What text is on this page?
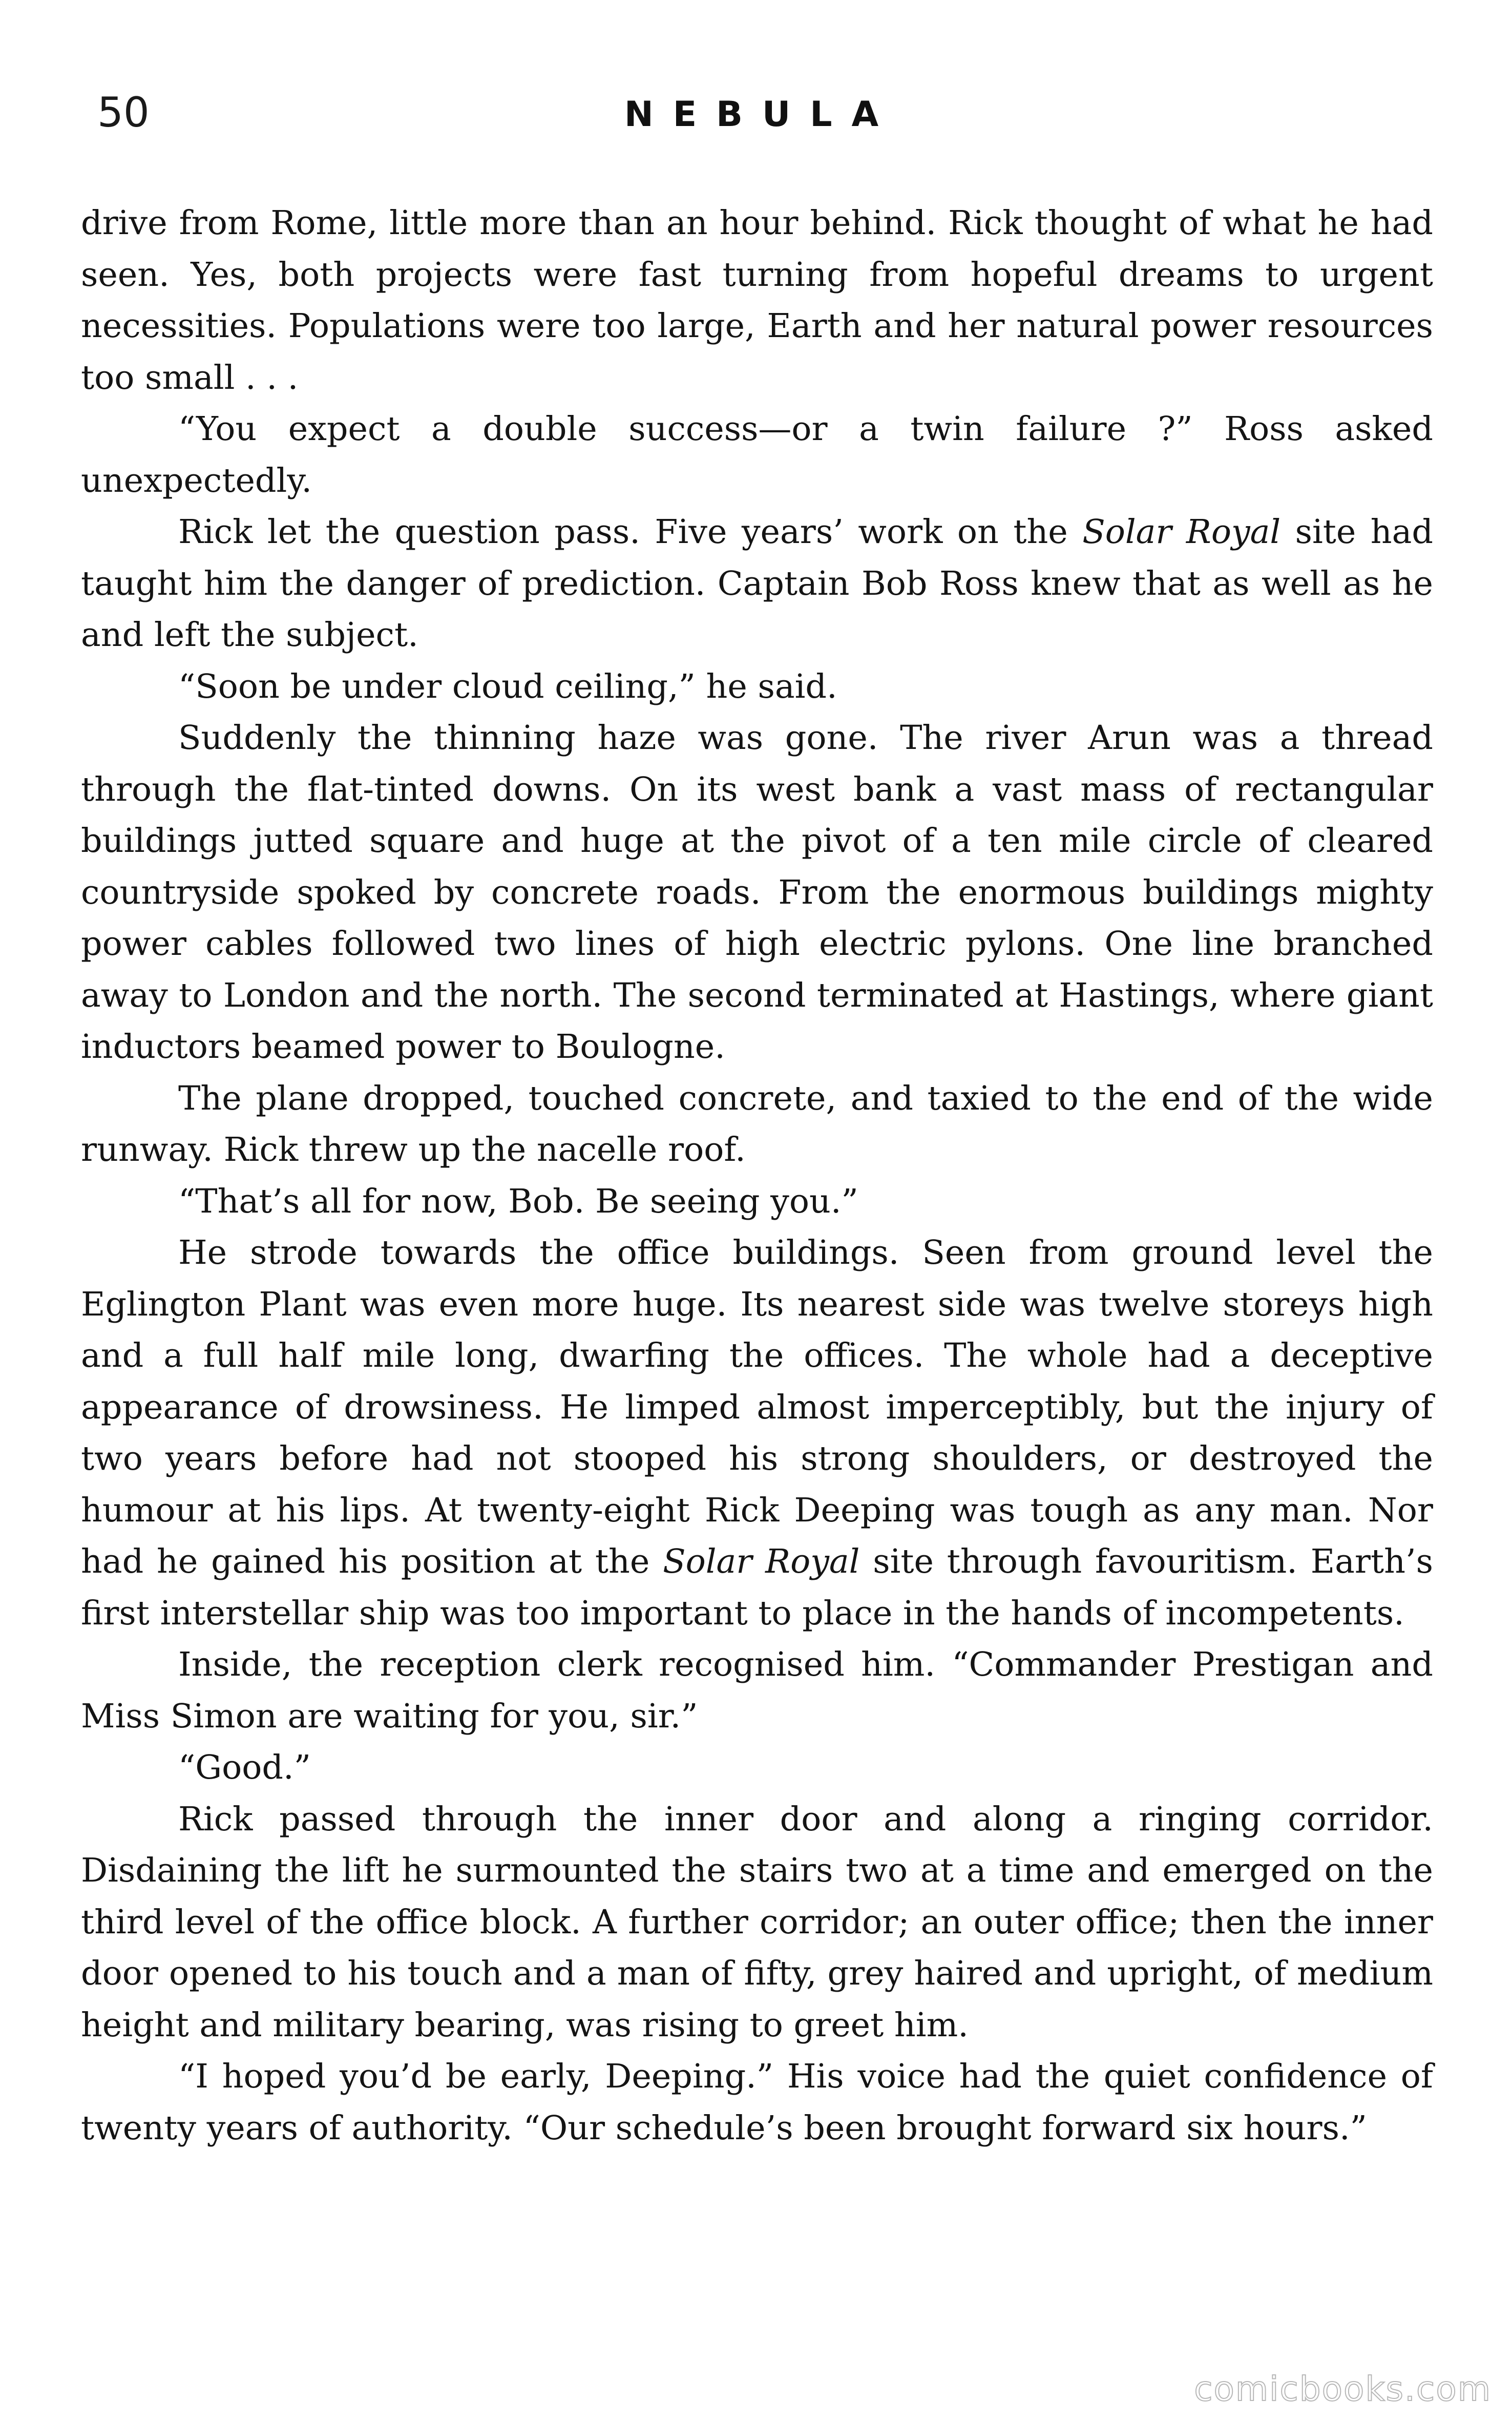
50	NEBULA

drive from Rome, little more than an hour behind. Rick thought of what he had seen. Yes, both projects were fast turning from hopeful dreams to urgent necessities. Populations were too large, Earth and her natural power resources too small . . .

“You expect a double success—or a twin failure ?” Ross asked unexpectedly.

Rick let the question pass. Five years’ work on the Solar Royal site had taught him the danger of prediction. Captain Bob Ross knew that as well as he and left the subject.

“Soon be under cloud ceiling,” he said.

Suddenly the thinning haze was gone. The river Arun was a thread through the flat-tinted downs. On its west bank a vast mass of rectangular buildings jutted square and huge at the pivot of a ten mile circle of cleared countryside spoked by concrete roads. From the enormous buildings mighty power cables followed two lines of high electric pylons. One line branched away to London and the north. The second terminated at Hastings, where giant inductors beamed power to Boulogne.

The plane dropped, touched concrete, and taxied to the end of the wide runway. Rick threw up the nacelle roof.

“That’s all for now, Bob. Be seeing you.”

He strode towards the office buildings. Seen from ground level the Eglington Plant was even more huge. Its nearest side was twelve storeys high and a full half mile long, dwarfing the offices. The whole had a deceptive appearance of drowsiness. He limped almost imperceptibly, but the injury of two years before had not stooped his strong shoulders, or destroyed the humour at his lips. At twenty-eight Rick Deeping was tough as any man. Nor had he gained his position at the Solar Royal site through favouritism. Earth’s first interstellar ship was too important to place in the hands of incompetents.

Inside, the reception clerk recognised him. “Commander Prestigan and Miss Simon are waiting for you, sir.”

“Good.”

Rick passed through the inner door and along a ringing corridor. Disdaining the lift he surmounted the stairs two at a time and emerged on the third level of the office block. A further corridor; an outer office; then the inner door opened to his touch and a man of fifty, grey haired and upright, of medium height and military bearing, was rising to greet him.

“I hoped you’d be early, Deeping.” His voice had the quiet confidence of twenty years of authority. “Our schedule’s been brought forward six hours.”

comicbooks.com
